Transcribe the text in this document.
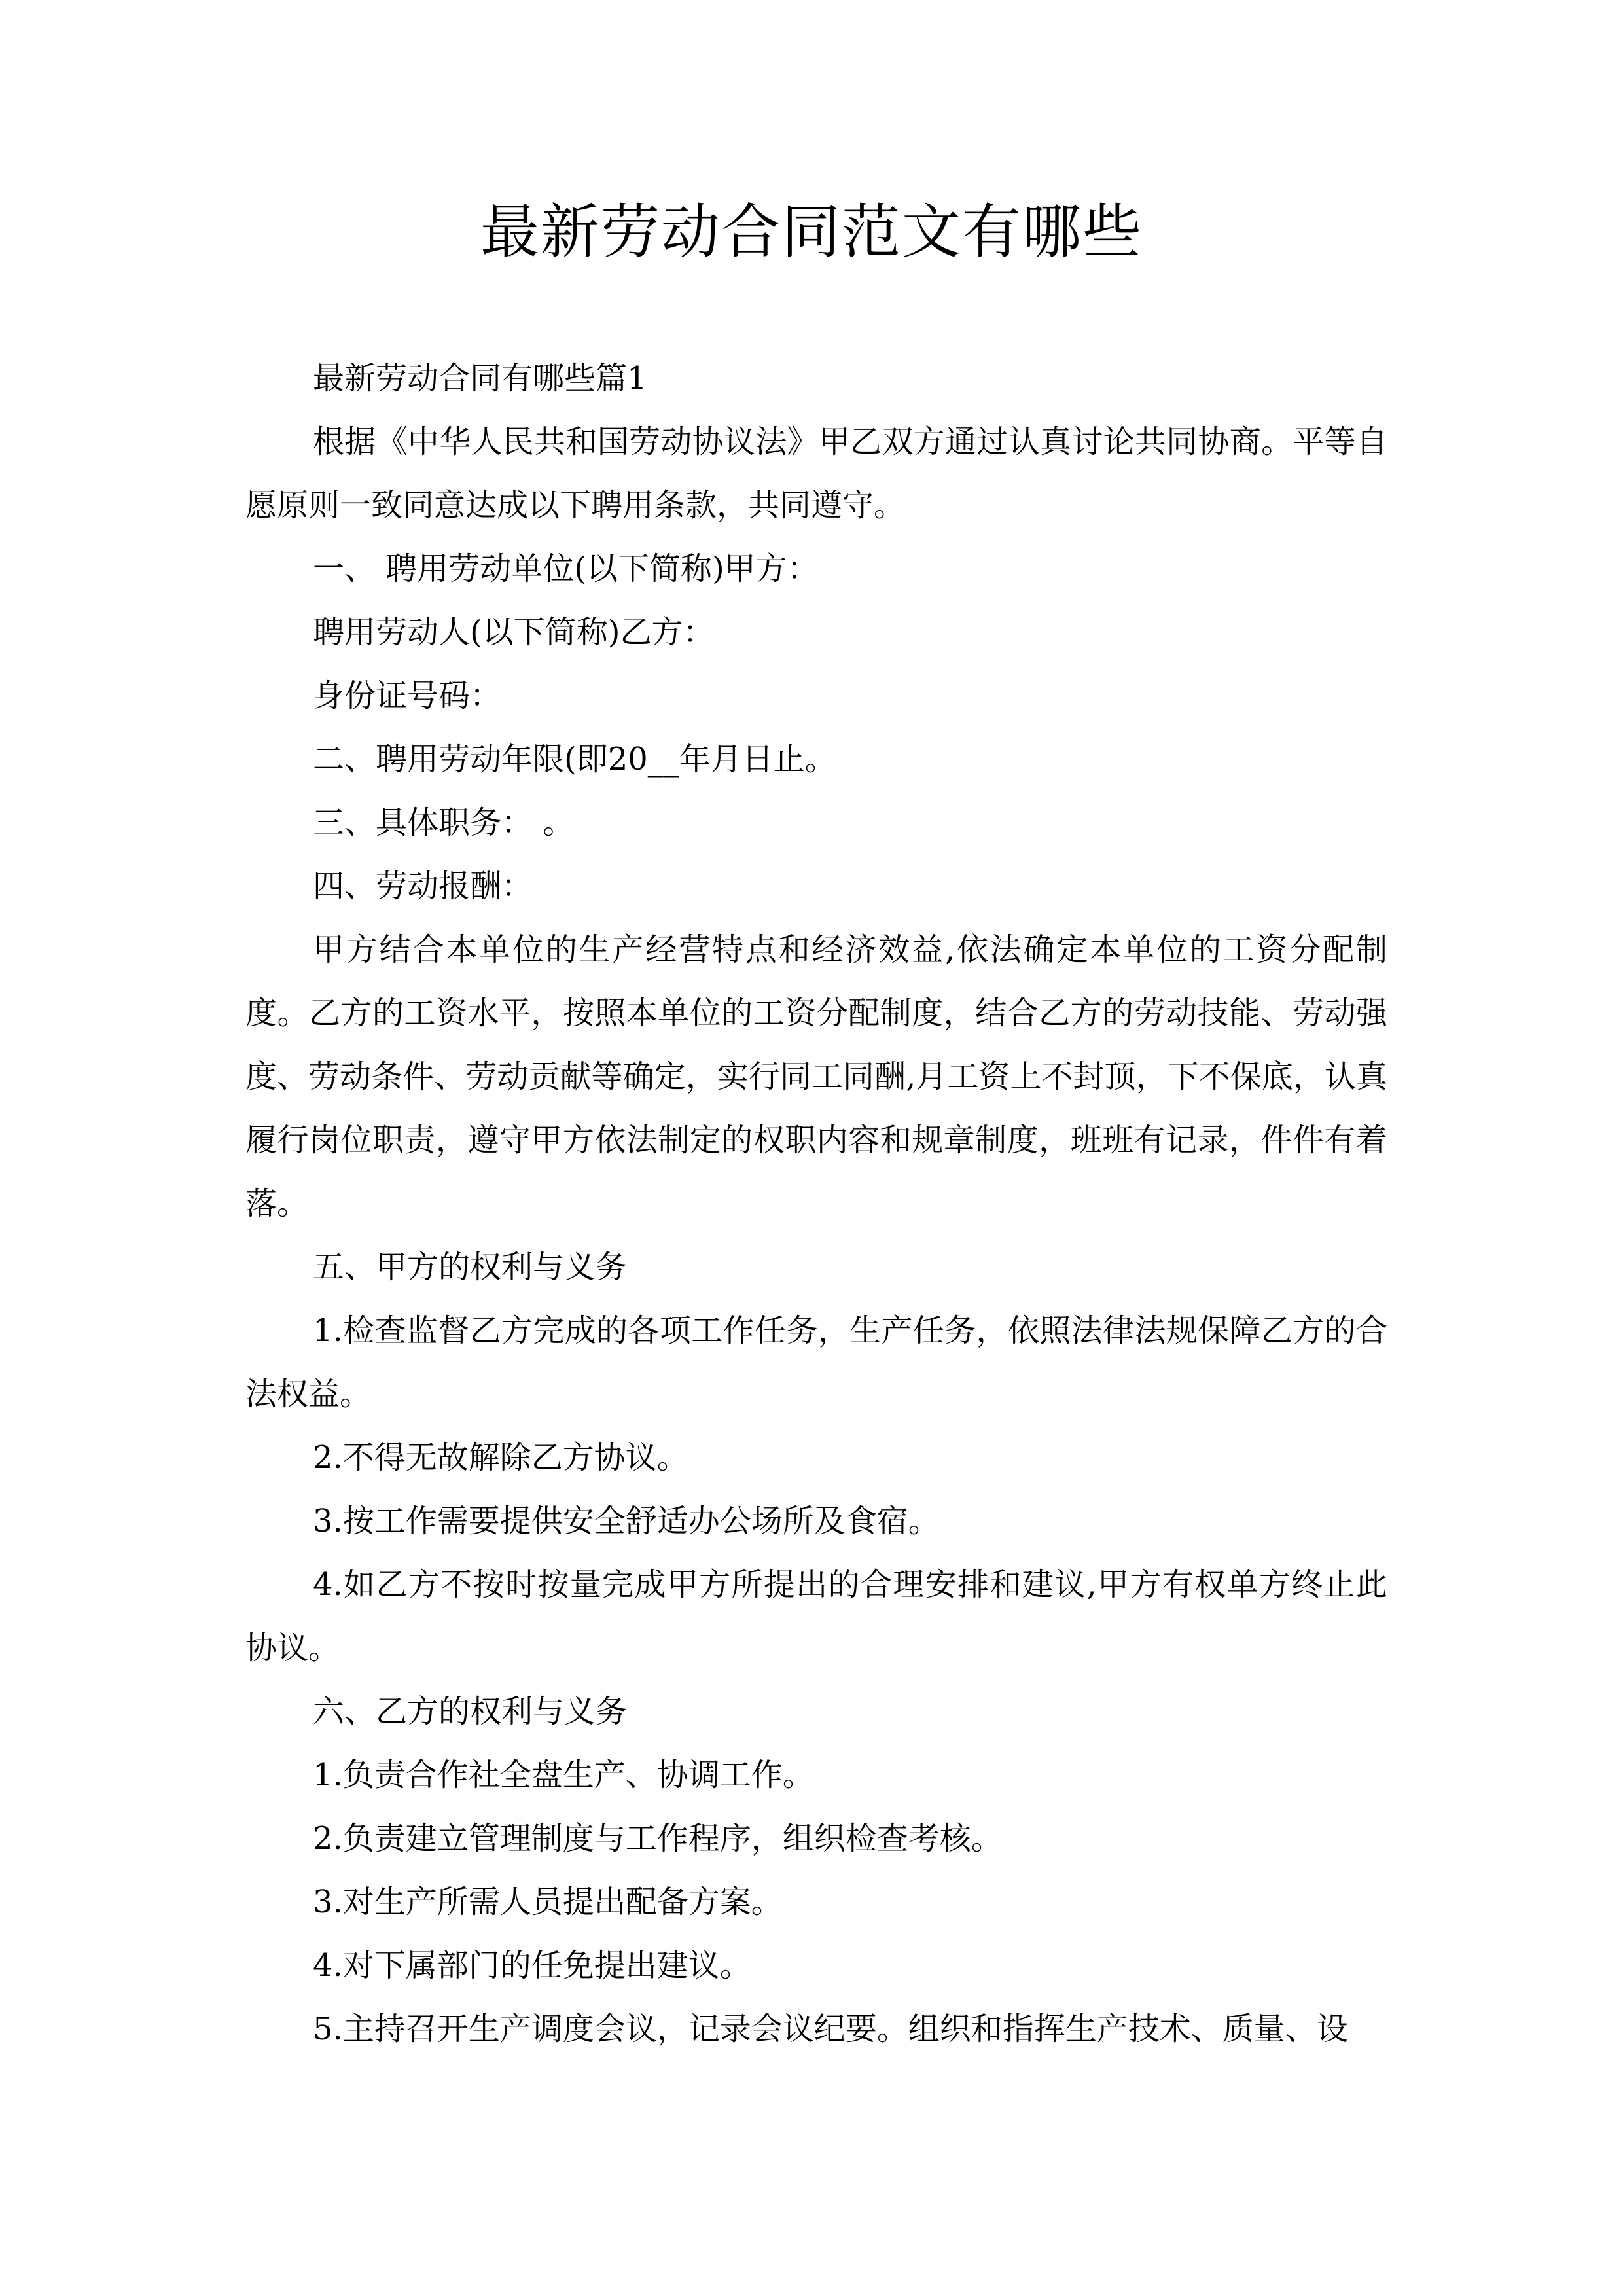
最新劳动合同范文有哪些

最新劳动合同有哪些篇1

根据《中华人民共和国劳动协议法》甲乙双方通过认真讨论共同协商。平等自愿原则一致同意达成以下聘用条款，共同遵守。

一、 聘用劳动单位(以下简称)甲方：

聘用劳动人(以下简称)乙方：

身份证号码：

二、聘用劳动年限(即20__年月日止。

三、具体职务： 。

四、劳动报酬：

甲方结合本单位的生产经营特点和经济效益,依法确定本单位的工资分配制度。乙方的工资水平，按照本单位的工资分配制度，结合乙方的劳动技能、劳动强度、劳动条件、劳动贡献等确定，实行同工同酬,月工资上不封顶，下不保底，认真履行岗位职责，遵守甲方依法制定的权职内容和规章制度，班班有记录，件件有着落。

五、甲方的权利与义务

1.检查监督乙方完成的各项工作任务，生产任务，依照法律法规保障乙方的合法权益。

2.不得无故解除乙方协议。

3.按工作需要提供安全舒适办公场所及食宿。

4.如乙方不按时按量完成甲方所提出的合理安排和建议,甲方有权单方终止此协议。

六、乙方的权利与义务

1.负责合作社全盘生产、协调工作。

2.负责建立管理制度与工作程序，组织检查考核。

3.对生产所需人员提出配备方案。

4.对下属部门的任免提出建议。

5.主持召开生产调度会议，记录会议纪要。组织和指挥生产技术、质量、设
